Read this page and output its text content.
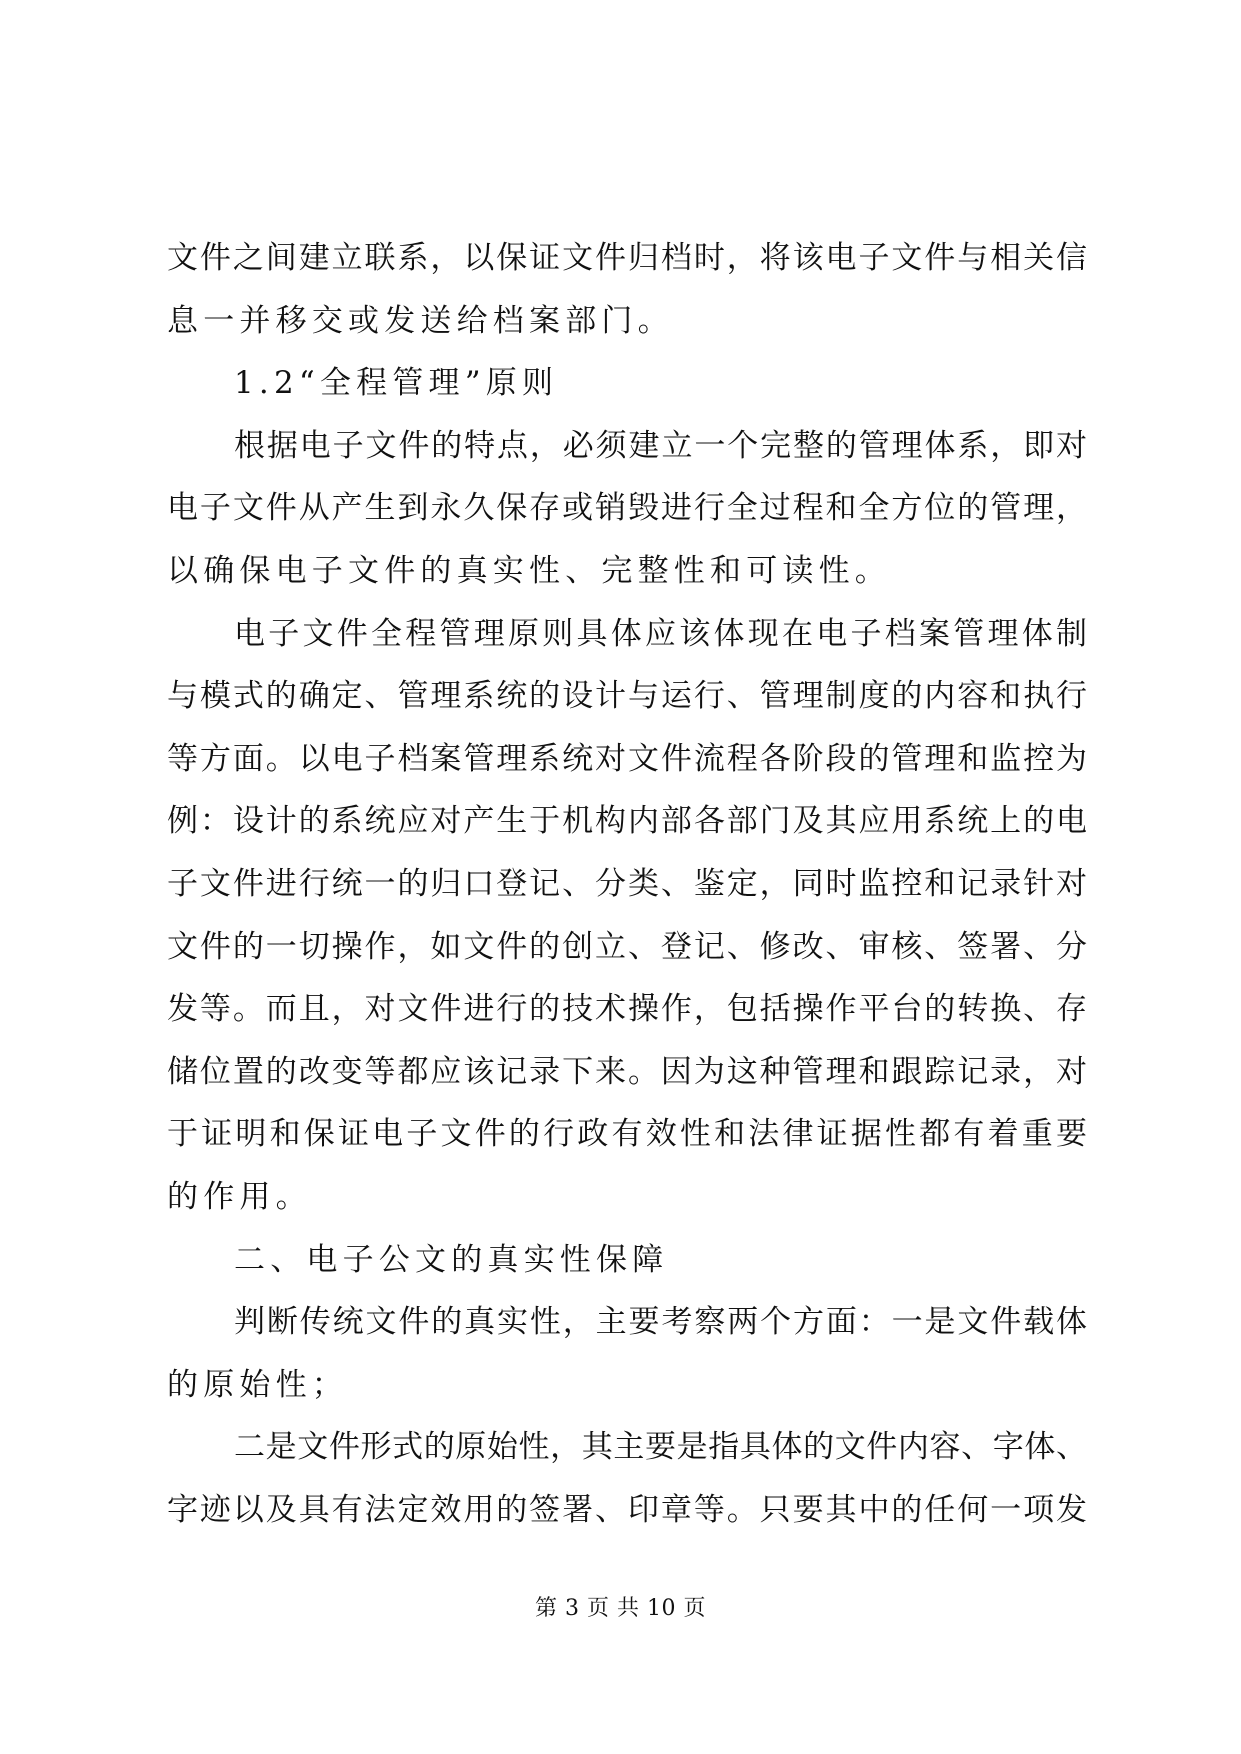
文件之间建立联系，以保证文件归档时，将该电子文件与相关信
息一并移交或发送给档案部门。
1.2“全程管理”原则
根据电子文件的特点，必须建立一个完整的管理体系，即对
电子文件从产生到永久保存或销毁进行全过程和全方位的管理，
以确保电子文件的真实性、完整性和可读性。
电子文件全程管理原则具体应该体现在电子档案管理体制
与模式的确定、管理系统的设计与运行、管理制度的内容和执行
等方面。以电子档案管理系统对文件流程各阶段的管理和监控为
例：设计的系统应对产生于机构内部各部门及其应用系统上的电
子文件进行统一的归口登记、分类、鉴定，同时监控和记录针对
文件的一切操作，如文件的创立、登记、修改、审核、签署、分
发等。而且，对文件进行的技术操作，包括操作平台的转换、存
储位置的改变等都应该记录下来。因为这种管理和跟踪记录，对
于证明和保证电子文件的行政有效性和法律证据性都有着重要
的作用。
二、电子公文的真实性保障
判断传统文件的真实性，主要考察两个方面：一是文件载体
的原始性；
二是文件形式的原始性，其主要是指具体的文件内容、字体、
字迹以及具有法定效用的签署、印章等。只要其中的任何一项发
第 3 页 共 10 页
